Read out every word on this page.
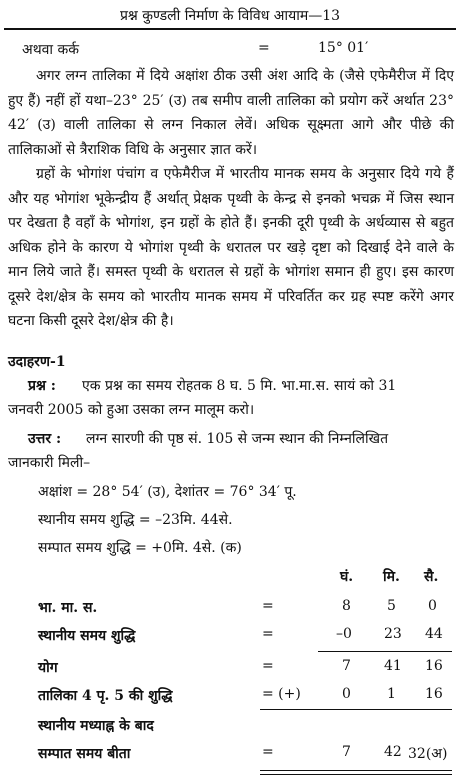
प्रश्न कुण्डली निर्माण के विविध आयाम—13
अथवा कर्क	=	15° 01′
अगर लग्न तालिका में दिये अक्षांश ठीक उसी अंश आदि के (जैसे एफेमैरीज में दिए हुए हैं) नहीं हों यथा–23° 25′ (उ) तब समीप वाली तालिका को प्रयोग करें अर्थात 23° 42′ (उ) वाली तालिका से लग्न निकाल लेवें। अधिक सूक्ष्मता आगे और पीछे की तालिकाओं से त्रैराशिक विधि के अनुसार ज्ञात करें।
ग्रहों के भोगांश पंचांग व एफेमैरीज में भारतीय मानक समय के अनुसार दिये गये हैं और यह भोगांश भूकेन्द्रीय हैं अर्थात् प्रेक्षक पृथ्वी के केन्द्र से इनको भचक्र में जिस स्थान पर देखता है वहाँ के भोगांश, इन ग्रहों के होते हैं। इनकी दूरी पृथ्वी के अर्धव्यास से बहुत अधिक होने के कारण ये भोगांश पृथ्वी के धरातल पर खड़े दृष्टा को दिखाई देने वाले के मान लिये जाते हैं। समस्त पृथ्वी के धरातल से ग्रहों के भोगांश समान ही हुए। इस कारण दूसरे देश/क्षेत्र के समय को भारतीय मानक समय में परिवर्तित कर ग्रह स्पष्ट करेंगे अगर घटना किसी दूसरे देश/क्षेत्र की है।
उदाहरण-1
प्रश्न : एक प्रश्न का समय रोहतक 8 घ. 5 मि. भा.मा.स. सायं को 31
जनवरी 2005 को हुआ उसका लग्न मालूम करो।
उत्तर : लग्न सारणी की पृष्ठ सं. 105 से जन्म स्थान की निम्नलिखित
जानकारी मिली–
अक्षांश = 28° 54′ (उ), देशांतर = 76° 34′ पू.
स्थानीय समय शुद्धि = –23मि. 44से.
सम्पात समय शुद्धि = +0मि. 4से. (क)
घं. मि. सै.
भा. मा. स.	=	8	5 0
स्थानीय समय शुद्धि	=	–0 23 44
योग	=	7 41 16
तालिका 4 पृ. 5 की शुद्धि	= (+)	0	1 16
स्थानीय मध्याह्न के बाद
सम्पात समय बीता	=	7 42 32(अ)
